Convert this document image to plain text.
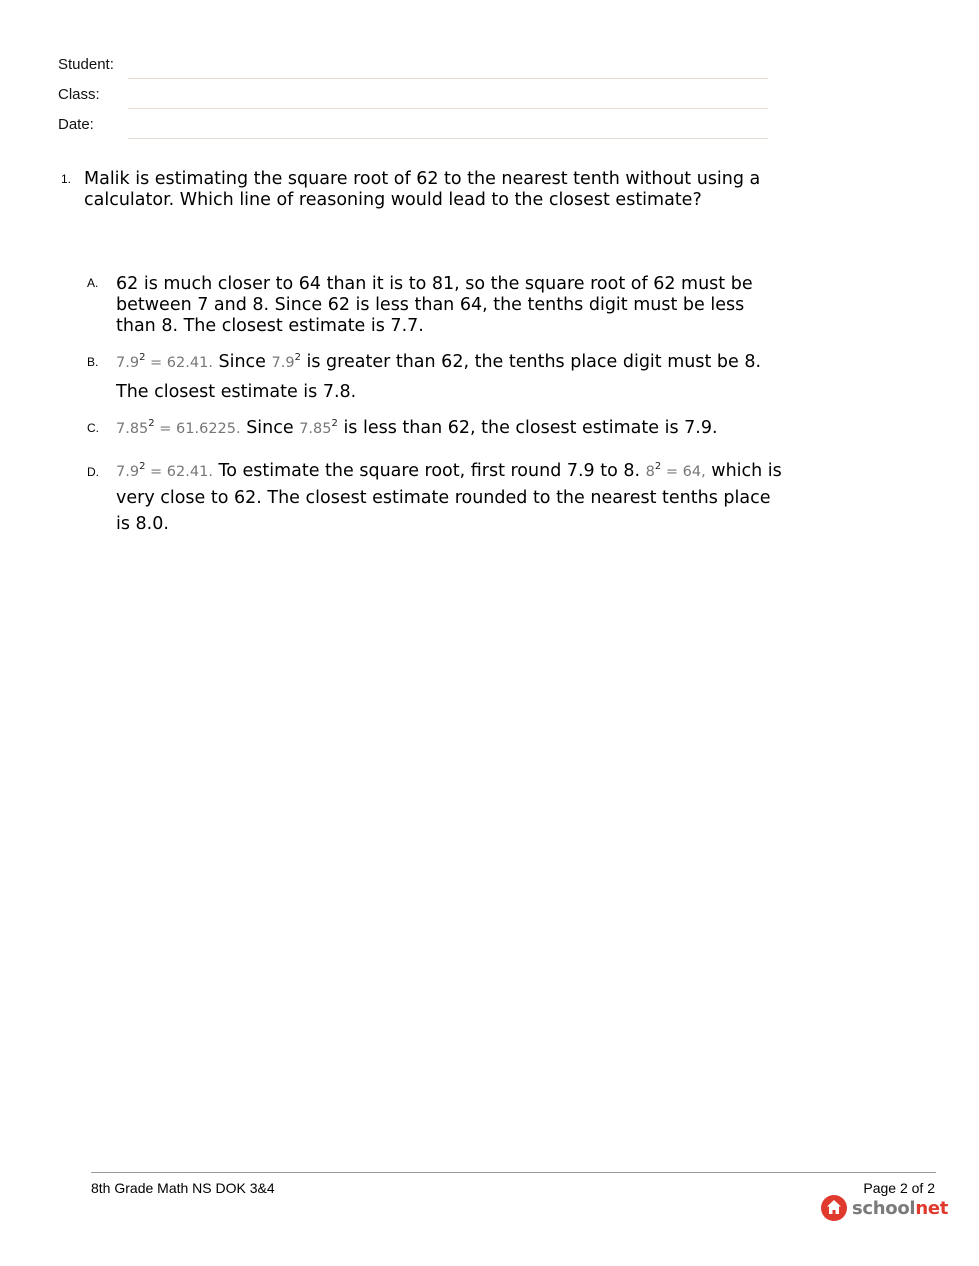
Student:
Class:
Date:
1. Malik is estimating the square root of 62 to the nearest tenth without using a calculator. Which line of reasoning would lead to the closest estimate?
A. 62 is much closer to 64 than it is to 81, so the square root of 62 must be between 7 and 8. Since 62 is less than 64, the tenths digit must be less than 8. The closest estimate is 7.7.
B. $7.9^2 = 62.41$. Since $7.9^2$ is greater than 62, the tenths place digit must be 8. The closest estimate is 7.8.
C. $7.85^2 = 61.6225$. Since 7.85$^2$ is less than 62, the closest estimate is 7.9.
D. $7.9^2 = 62.41$. To estimate the square root, first round 7.9 to 8. $8^2 = 64$, which is very close to 62. The closest estimate rounded to the nearest tenths place is 8.0.
8th Grade Math NS DOK 3&4	Page 2 of 2
schoolnet
